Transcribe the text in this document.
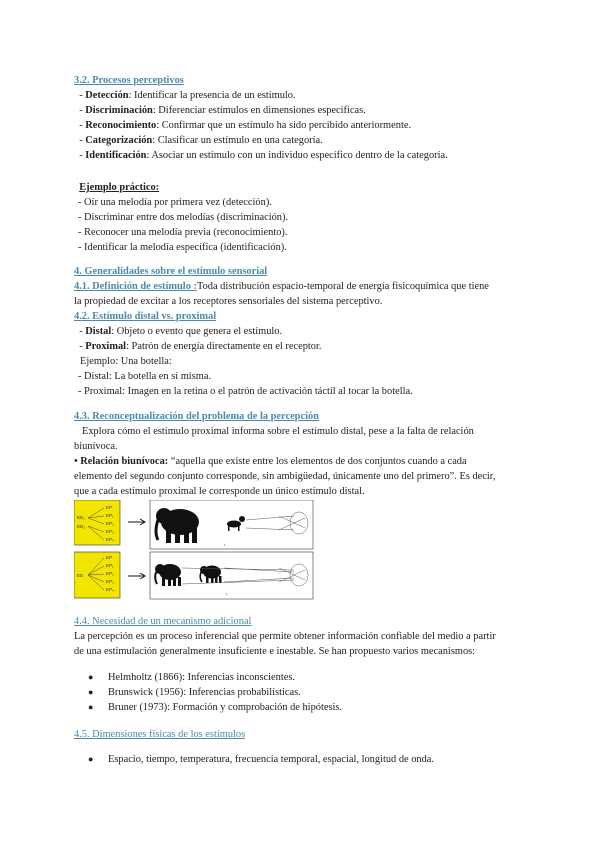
3.2. Procesos perceptivos
- Detección: Identificar la presencia de un estímulo.
- Discriminación: Diferenciar estímulos en dimensiones específicas.
- Reconocimiento: Confirmar que un estímulo ha sido percibido anteriormente.
- Categorización: Clasificar un estímulo en una categoría.
- Identificación: Asociar un estímulo con un individuo específico dentro de la categoría.
Ejemplo práctico:
- Oír una melodía por primera vez (detección).
- Discriminar entre dos melodías (discriminación).
- Reconocer una melodía previa (reconocimiento).
- Identificar la melodía específica (identificación).
4. Generalidades sobre el estímulo sensorial
4.1. Definición de estímulo :Toda distribución espacio-temporal de energía fisicoquímica que tiene
la propiedad de excitar a los receptores sensoriales del sistema perceptivo.
4.2. Estímulo distal vs. proximal
- Distal: Objeto o evento que genera el estímulo.
- Proximal: Patrón de energía directamente en el receptor.
Ejemplo: Una botella:
- Distal: La botella en sí misma.
- Proximal: Imagen en la retina o el patrón de activación táctil al tocar la botella.
4.3. Reconceptualización del problema de la percepción
Explora cómo el estímulo proximal informa sobre el estímulo distal, pese a la falta de relación
biunívoca.
• Relación biunívoca: “aquella que existe entre los elementos de dos conjuntos cuando a cada
elemento del segundo conjunto corresponde, sin ambigüedad, únicamente uno del primero”. Es decir,
que a cada estímulo proximal le corresponde un único estímulo distal.
ED₁
ED₂
EP
EP₁
EP₂
EP₃
EP₄
•
ED
EP
EP₁
EP₂
EP₃
EP₄
•
4.4. Necesidad de un mecanismo adicional
La percepción es un proceso inferencial que permite obtener información confiable del medio a partir
de una estimulación generalmente insuficiente e inestable. Se han propuesto varios mecanismos:
● Helmholtz (1866): Inferencias inconscientes.
● Brunswick (1956): Inferencias probabilísticas.
● Bruner (1973): Formación y comprobación de hipótesis.
4.5. Dimensiones físicas de los estímulos
● Espacio, tiempo, temperatura, frecuencia temporal, espacial, longitud de onda.
